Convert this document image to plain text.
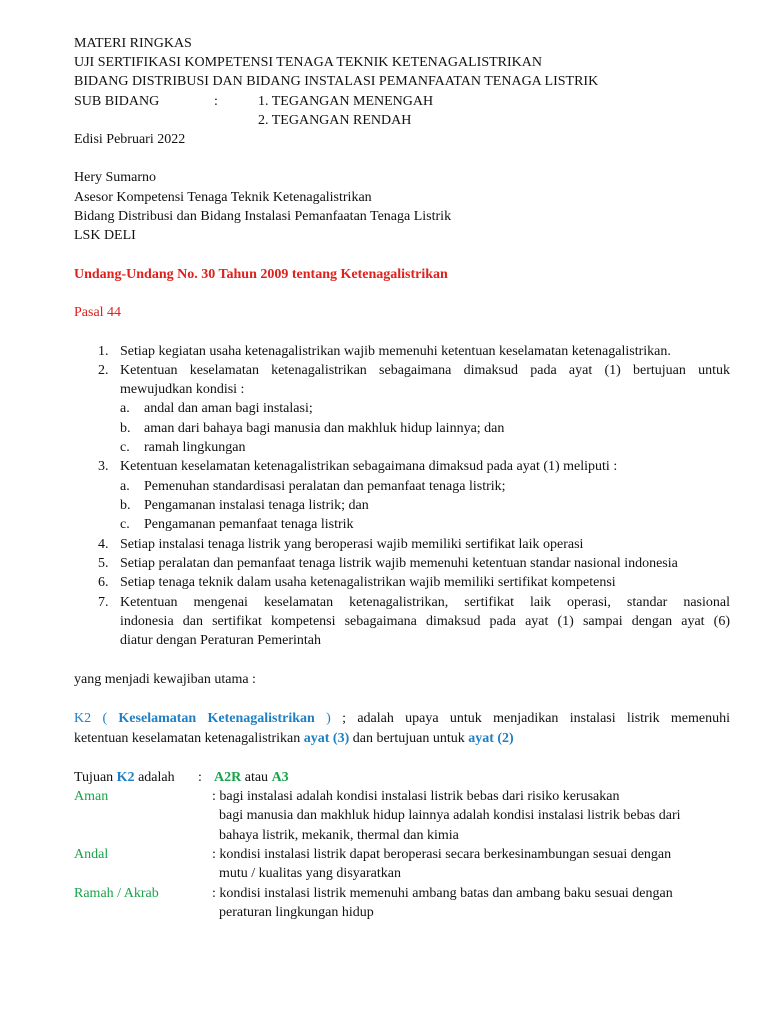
MATERI RINGKAS
UJI SERTIFIKASI KOMPETENSI TENAGA TEKNIK KETENAGALISTRIKAN
BIDANG DISTRIBUSI DAN BIDANG INSTALASI PEMANFAATAN TENAGA LISTRIK
SUB BIDANG	:	1. TEGANGAN MENENGAH
2. TEGANGAN RENDAH
Edisi Pebruari 2022
Hery Sumarno
Asesor Kompetensi Tenaga Teknik Ketenagalistrikan
Bidang Distribusi dan Bidang Instalasi Pemanfaatan Tenaga Listrik
LSK DELI
Undang-Undang No. 30 Tahun 2009 tentang Ketenagalistrikan
Pasal 44
1. Setiap kegiatan usaha ketenagalistrikan wajib memenuhi ketentuan keselamatan ketenagalistrikan.
2. Ketentuan keselamatan ketenagalistrikan sebagaimana dimaksud pada ayat (1) bertujuan untuk
mewujudkan kondisi :
a. andal dan aman bagi instalasi;
b. aman dari bahaya bagi manusia dan makhluk hidup lainnya; dan
c. ramah lingkungan
3. Ketentuan keselamatan ketenagalistrikan sebagaimana dimaksud pada ayat (1) meliputi :
a. Pemenuhan standardisasi peralatan dan pemanfaat tenaga listrik;
b. Pengamanan instalasi tenaga listrik; dan
c. Pengamanan pemanfaat tenaga listrik
4. Setiap instalasi tenaga listrik yang beroperasi wajib memiliki sertifikat laik operasi
5. Setiap peralatan dan pemanfaat tenaga listrik wajib memenuhi ketentuan standar nasional indonesia
6. Setiap tenaga teknik dalam usaha ketenagalistrikan wajib memiliki sertifikat kompetensi
7. Ketentuan mengenai keselamatan ketenagalistrikan, sertifikat laik operasi, standar nasional
indonesia dan sertifikat kompetensi sebagaimana dimaksud pada ayat (1) sampai dengan ayat (6)
diatur dengan Peraturan Pemerintah
yang menjadi kewajiban utama :
K2 ( Keselamatan Ketenagalistrikan ) ; adalah upaya untuk menjadikan instalasi listrik memenuhi
ketentuan keselamatan ketenagalistrikan ayat (3) dan bertujuan untuk ayat (2)
Tujuan K2 adalah : A2R atau A3
Aman	: bagi instalasi adalah kondisi instalasi listrik bebas dari risiko kerusakan
bagi manusia dan makhluk hidup lainnya adalah kondisi instalasi listrik bebas dari
bahaya listrik, mekanik, thermal dan kimia
Andal	: kondisi instalasi listrik dapat beroperasi secara berkesinambungan sesuai dengan
mutu / kualitas yang disyaratkan
Ramah / Akrab	: kondisi instalasi listrik memenuhi ambang batas dan ambang baku sesuai dengan
peraturan lingkungan hidup
